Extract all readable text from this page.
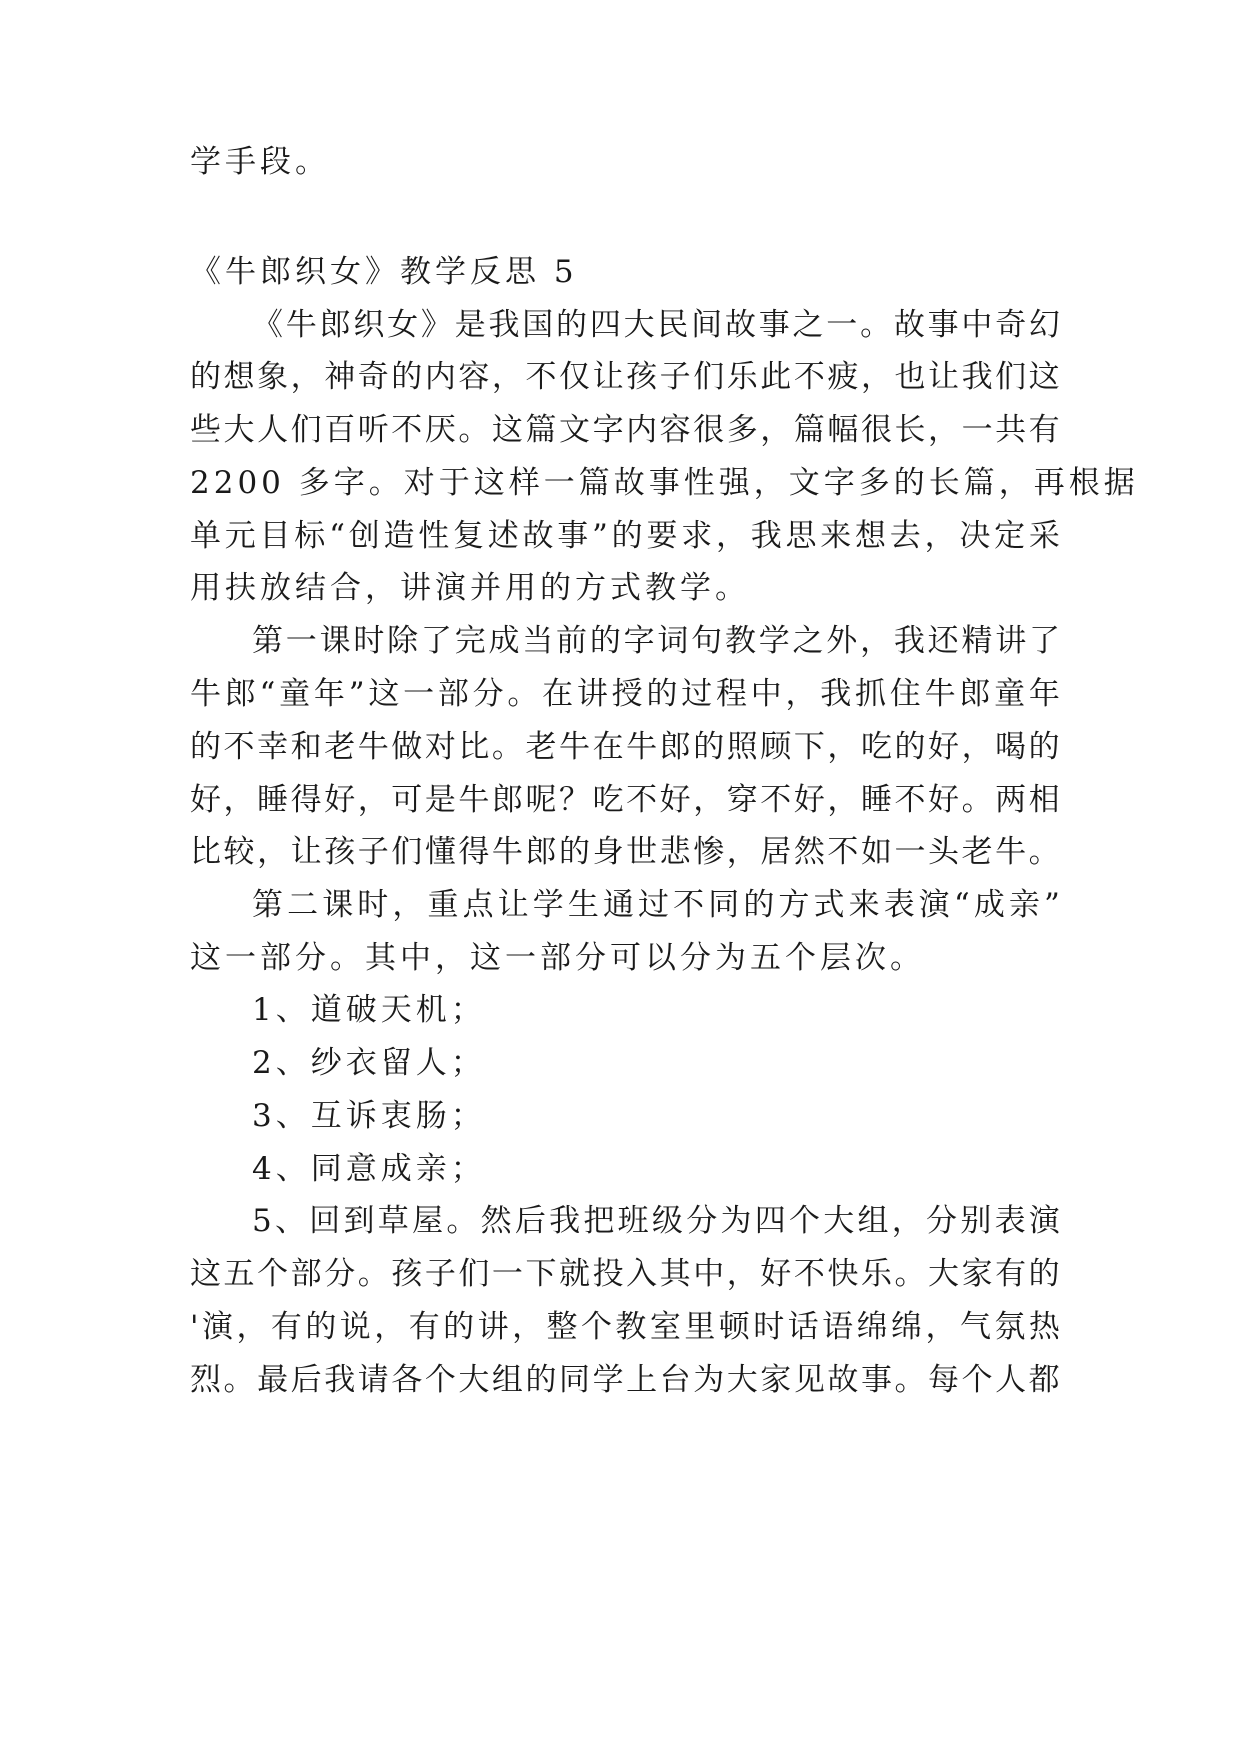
学手段。
《牛郎织女》教学反思 5
《 牛 郎 织 女 》 是 我 国 的 四 大 民 间 故 事 之 一 。 故 事 中 奇 幻
的 想 象 ， 神 奇 的 内 容 ， 不 仅 让 孩 子 们 乐 此 不 疲 ， 也 让 我 们 这
些 大 人 们 百 听 不 厌 。 这 篇 文 字 内 容 很 多 ， 篇 幅 很 长 ， 一 共 有
2200 多字。对于这样一篇故事性强，文字多的长篇，再根据
单 元 目 标 “ 创 造 性 复 述 故 事 ” 的 要 求 ， 我 思 来 想 去 ， 决 定 采
用扶放结合，讲演并用的方式教学。
第 一 课 时 除 了 完 成 当 前 的 字 词 句 教 学 之 外 ， 我 还 精 讲 了
牛 郎 “ 童 年 ” 这 一 部 分 。 在 讲 授 的 过 程 中 ， 我 抓 住 牛 郎 童 年
的 不 幸 和 老 牛 做 对 比 。 老 牛 在 牛 郎 的 照 顾 下 ， 吃 的 好 ， 喝 的
好 ， 睡 得 好 ， 可 是 牛 郎 呢 ？ 吃 不 好 ， 穿 不 好 ， 睡 不 好 。 两 相
比 较 ， 让 孩 子 们 懂 得 牛 郎 的 身 世 悲 惨 ， 居 然 不 如 一 头 老 牛 。
第 二 课 时 ， 重 点 让 学 生 通 过 不 同 的 方 式 来 表 演 “ 成 亲 ”
这一部分。其中，这一部分可以分为五个层次。
1、道破天机；
2、纱衣留人；
3、互诉衷肠；
4、同意成亲；
5 、 回 到 草 屋 。 然 后 我 把 班 级 分 为 四 个 大 组 ， 分 别 表 演
这 五 个 部 分 。 孩 子 们 一 下 就 投 入 其 中 ， 好 不 快 乐 。 大 家 有 的
' 演 ， 有 的 说 ， 有 的 讲 ， 整 个 教 室 里 顿 时 话 语 绵 绵 ， 气 氛 热
烈 。 最 后 我 请 各 个 大 组 的 同 学 上 台 为 大 家 见 故 事 。 每 个 人 都
